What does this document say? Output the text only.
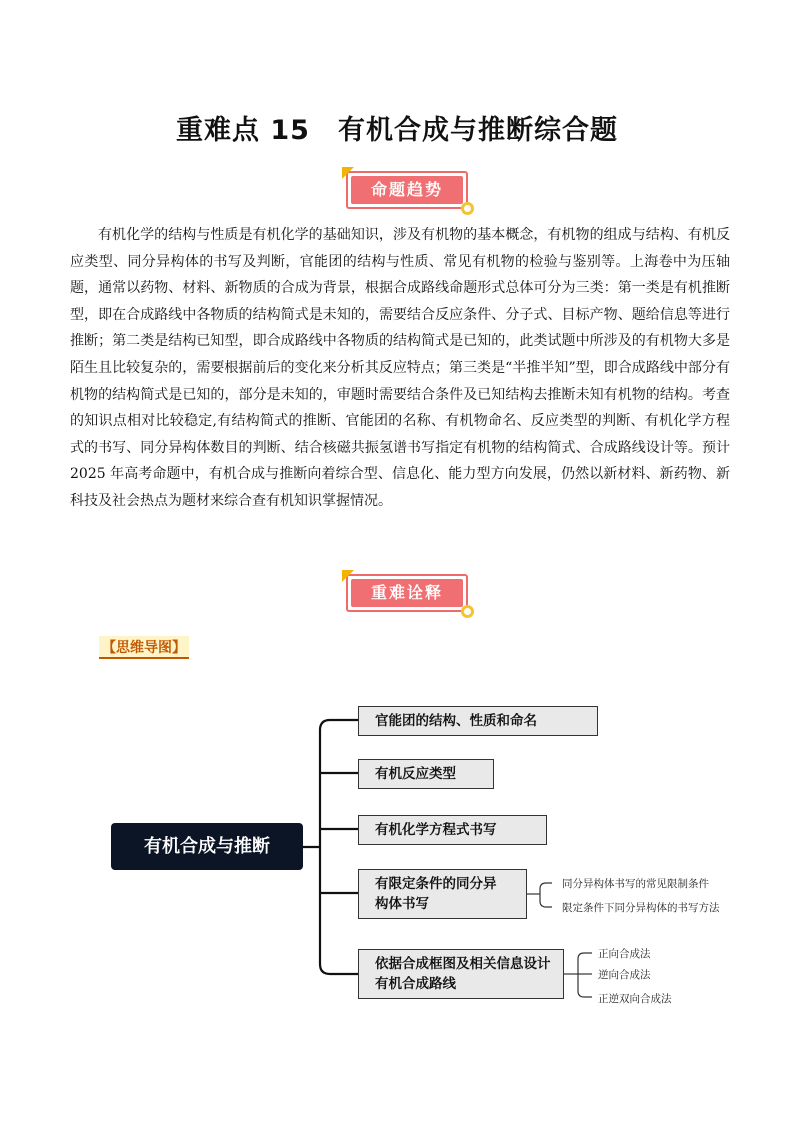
重难点 15　有机合成与推断综合题
命题趋势
有机化学的结构与性质是有机化学的基础知识，涉及有机物的基本概念，有机物的组成与结构、有机反应类型、同分异构体的书写及判断，官能团的结构与性质、常见有机物的检验与鉴别等。上海卷中为压轴题，通常以药物、材料、新物质的合成为背景，根据合成路线命题形式总体可分为三类：第一类是有机推断型，即在合成路线中各物质的结构简式是未知的，需要结合反应条件、分子式、目标产物、题给信息等进行推断；第二类是结构已知型，即合成路线中各物质的结构简式是已知的，此类试题中所涉及的有机物大多是陌生且比较复杂的，需要根据前后的变化来分析其反应特点；第三类是“半推半知”型，即合成路线中部分有机物的结构简式是已知的，部分是未知的，审题时需要结合条件及已知结构去推断未知有机物的结构。考查的知识点相对比较稳定,有结构简式的推断、官能团的名称、有机物命名、反应类型的判断、有机化学方程式的书写、同分异构体数目的判断、结合核磁共振氢谱书写指定有机物的结构简式、合成路线设计等。预计 2025 年高考命题中，有机合成与推断向着综合型、信息化、能力型方向发展，仍然以新材料、新药物、新科技及社会热点为题材来综合查有机知识掌握情况。
重难诠释
【思维导图】
有机合成与推断
官能团的结构、性质和命名
有机反应类型
有机化学方程式书写
有限定条件的同分异构体书写
依据合成框图及相关信息设计有机合成路线
同分异构体书写的常见限制条件
限定条件下同分异构体的书写方法
正向合成法
逆向合成法
正逆双向合成法
